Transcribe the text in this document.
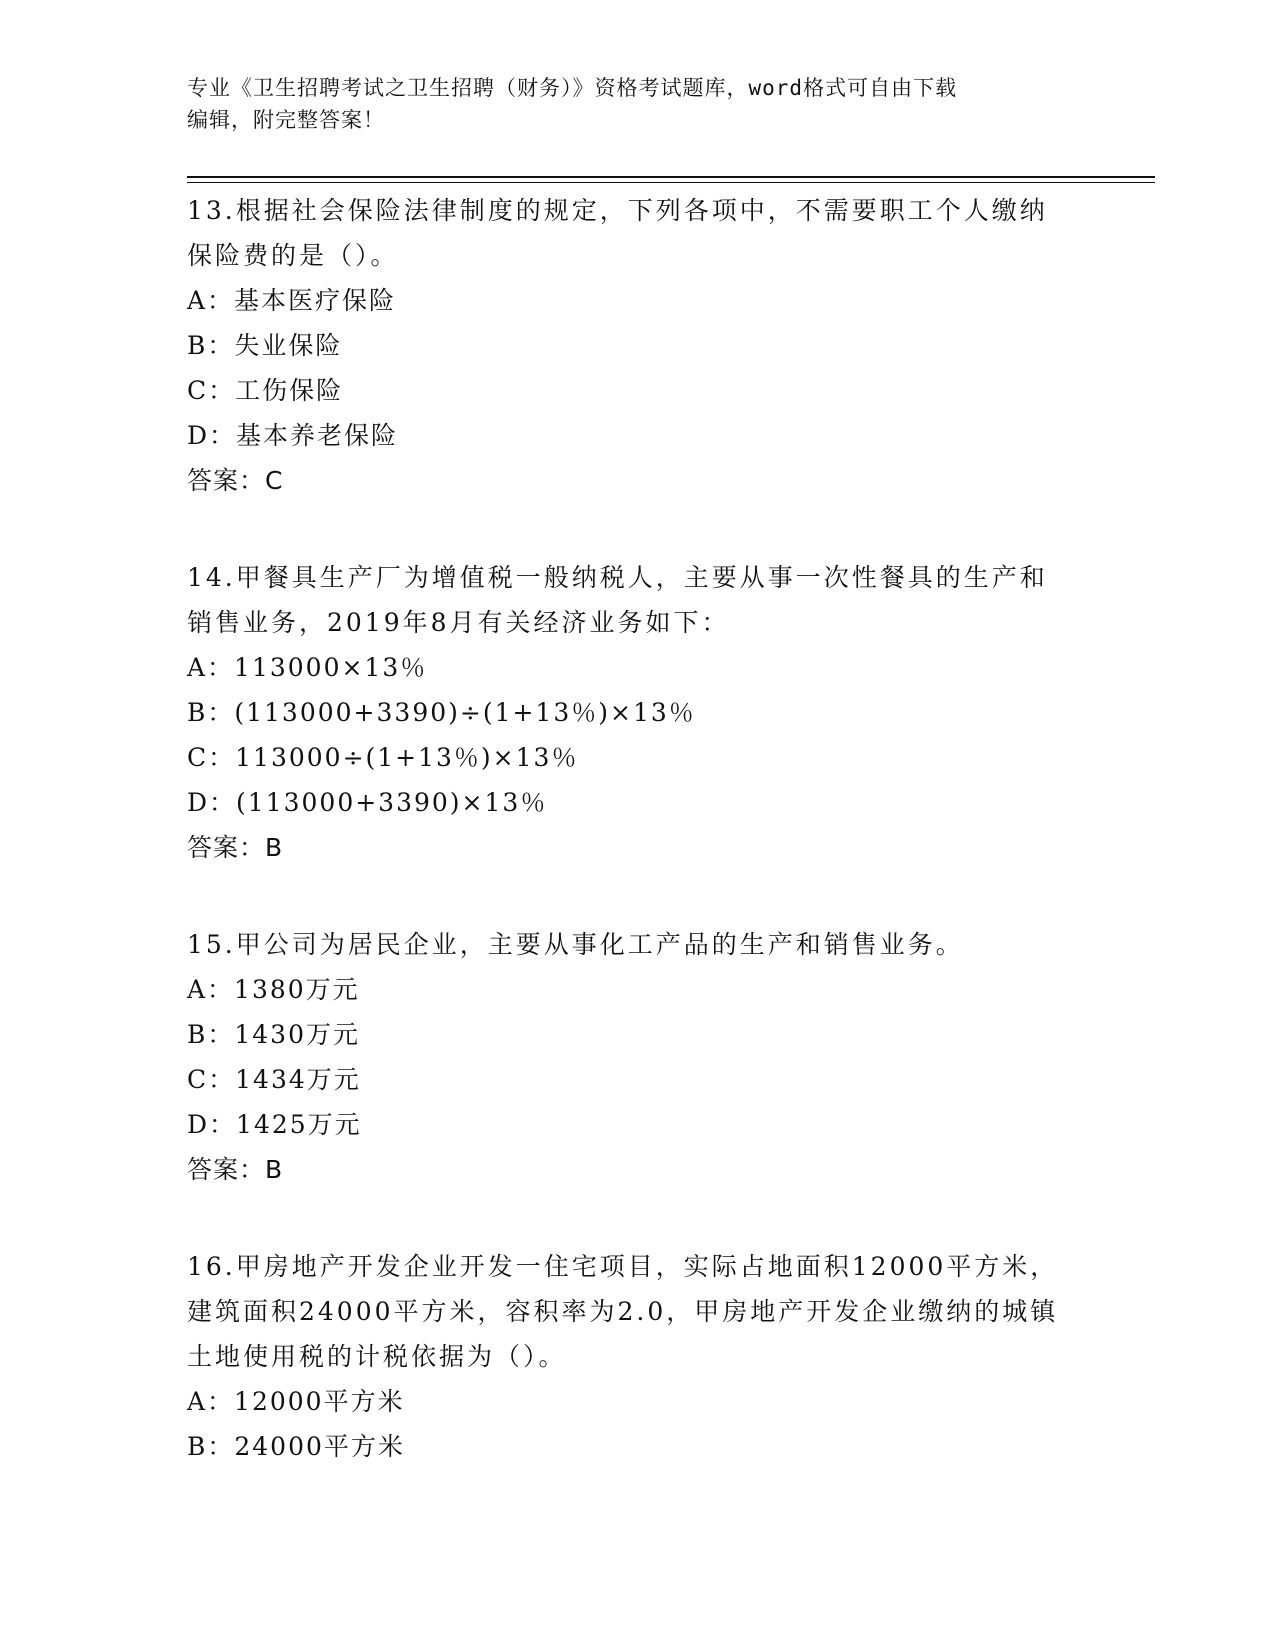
专业《卫生招聘考试之卫生招聘（财务）》资格考试题库，word格式可自由下载
编辑，附完整答案！
13.根据社会保险法律制度的规定，下列各项中，不需要职工个人缴纳
保险费的是（）。
A：基本医疗保险
B：失业保险
C：工伤保险
D：基本养老保险
答案：C
14.甲餐具生产厂为增值税一般纳税人，主要从事一次性餐具的生产和
销售业务，2019年8月有关经济业务如下：
A：113000×13％
B：(113000+3390)÷(1+13％)×13％
C：113000÷(1+13％)×13％
D：(113000+3390)×13％
答案：B
15.甲公司为居民企业，主要从事化工产品的生产和销售业务。
A：1380万元
B：1430万元
C：1434万元
D：1425万元
答案：B
16.甲房地产开发企业开发一住宅项目，实际占地面积12000平方米，
建筑面积24000平方米，容积率为2.0，甲房地产开发企业缴纳的城镇
土地使用税的计税依据为（）。
A：12000平方米
B：24000平方米
